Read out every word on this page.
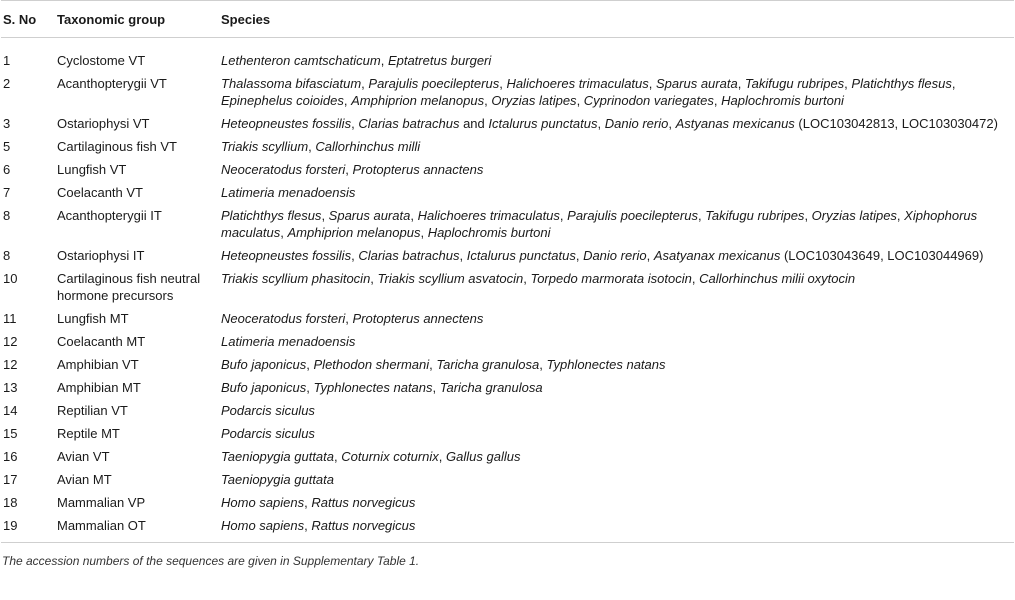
S. No	Taxonomic group	Species
1	Cyclostome VT	Lethenteron camtschaticum, Eptatretus burgeri
2	Acanthopterygii VT	Thalassoma bifasciatum, Parajulis poecilepterus, Halichoeres trimaculatus, Sparus aurata, Takifugu rubripes, Platichthys flesus, Epinephelus coioides, Amphiprion melanopus, Oryzias latipes, Cyprinodon variegates, Haplochromis burtoni
3	Ostariophysi VT	Heteopneustes fossilis, Clarias batrachus and Ictalurus punctatus, Danio rerio, Astyanas mexicanus (LOC103042813, LOC103030472)
5	Cartilaginous fish VT	Triakis scyllium, Callorhinchus milli
6	Lungfish VT	Neoceratodus forsteri, Protopterus annactens
7	Coelacanth VT	Latimeria menadoensis
8	Acanthopterygii IT	Platichthys flesus, Sparus aurata, Halichoeres trimaculatus, Parajulis poecilepterus, Takifugu rubripes, Oryzias latipes, Xiphophorus maculatus, Amphiprion melanopus, Haplochromis burtoni
8	Ostariophysi IT	Heteopneustes fossilis, Clarias batrachus, Ictalurus punctatus, Danio rerio, Asatyanax mexicanus (LOC103043649, LOC103044969)
10	Cartilaginous fish neutral hormone precursors	Triakis scyllium phasitocin, Triakis scyllium asvatocin, Torpedo marmorata isotocin, Callorhinchus milii oxytocin
11	Lungfish MT	Neoceratodus forsteri, Protopterus annectens
12	Coelacanth MT	Latimeria menadoensis
12	Amphibian VT	Bufo japonicus, Plethodon shermani, Taricha granulosa, Typhlonectes natans
13	Amphibian MT	Bufo japonicus, Typhlonectes natans, Taricha granulosa
14	Reptilian VT	Podarcis siculus
15	Reptile MT	Podarcis siculus
16	Avian VT	Taeniopygia guttata, Coturnix coturnix, Gallus gallus
17	Avian MT	Taeniopygia guttata
18	Mammalian VP	Homo sapiens, Rattus norvegicus
19	Mammalian OT	Homo sapiens, Rattus norvegicus
The accession numbers of the sequences are given in Supplementary Table 1.
